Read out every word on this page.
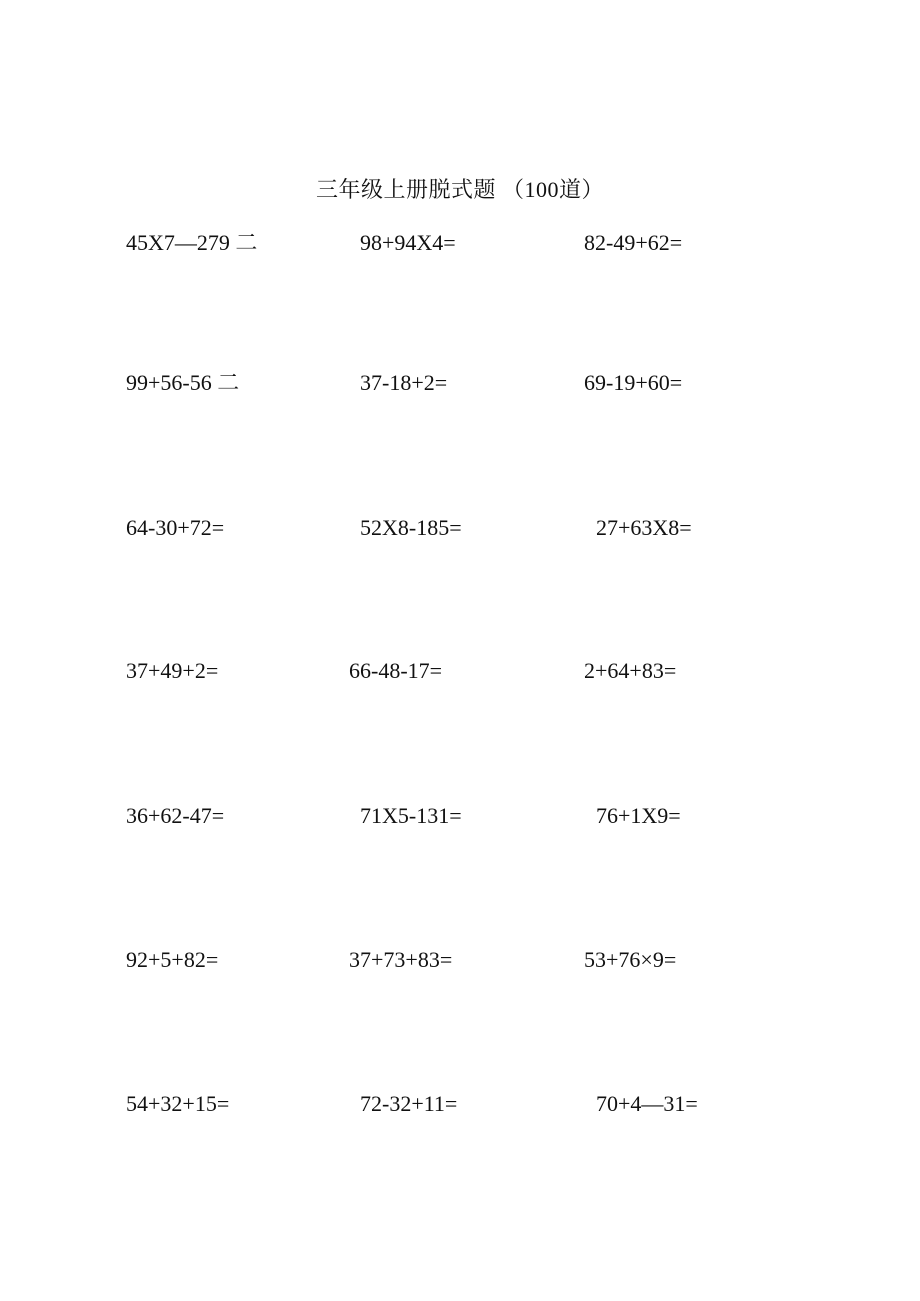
三年级上册脱式题 （100道）
45X7—279 二	98+94X4=	82-49+62=
99+56-56 二	37-18+2=	69-19+60=
64-30+72=	52X8-185=	27+63X8=
37+49+2=	66-48-17=	2+64+83=
36+62-47=	71X5-131=	76+1X9=
92+5+82=	37+73+83=	53+76×9=
54+32+15=	72-32+11=	70+4—31=
